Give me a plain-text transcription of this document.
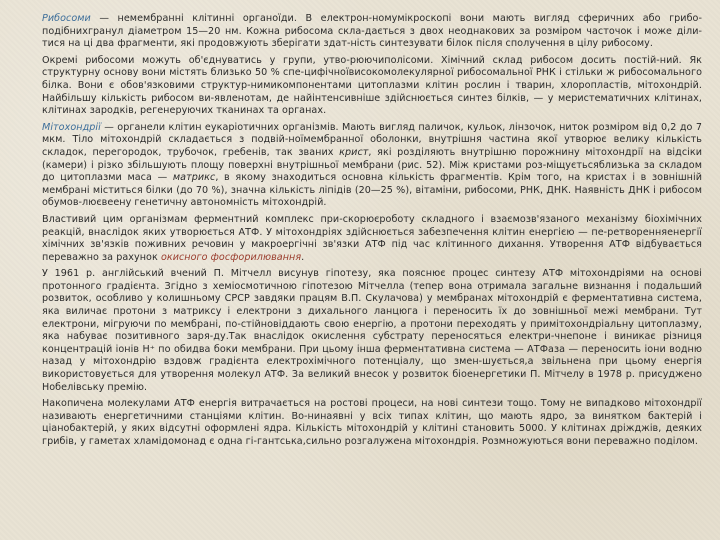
Рибосоми — немембранні клітинні органоїди. В електрон-номумікроскопі вони мають вигляд сферичних або грибо-подібнихгранул діаметром 15—20 нм. Кожна рибосома скла-дається з двох неоднакових за розміром часточок і може діли-тися на ці два фрагменти, які продовжують зберігати здат-ність синтезувати білок після сполучення в цілу рибосому.

Окремі рибосоми можуть об'єднуватись у групи, утво-рюючиполісоми. Хімічний склад рибосом досить постій-ний. Як структурну основу вони містять близько 50 % спе-цифічноївисокомолекулярної рибосомальної РНК і стільки ж рибосомального білка. Вони є обов'язковими структур-нимикомпонентами цитоплазми клітин рослин і тварин, хлоропластів, мітохондрій. Найбільшу кількість рибосом ви-явленотам, де найінтенсивніше здійснюється синтез білків, — у меристематичних клітинах, клітинах зародків, регенеруючих тканинах та органах.

Мітохондрії — органели клітин еукаріотичних організмів. Мають вигляд паличок, кульок, лінзочок, ниток розміром від 0,2 до 7 мкм. Тіло мітохондрій складається з подвій-ноїмембранної оболонки, внутрішня частина якої утворює велику кількість складок, перегородок, трубочок, гребенів, так званих крист, які розділяють внутрішню порожнину мітохондрії на відсіки (камери) і різко збільшують площу поверхні внутрішньої мембрани (рис. 52). Між кристами роз-міщуєтьсяблизька за складом до цитоплазми маса — матрикс, в якому знаходиться основна кількість фрагментів. Крім того, на кристах і в зовнішній мембрані міститься білки (до 70 %), значна кількість ліпідів (20—25 %), вітаміни, рибосоми, РНК, ДНК. Наявність ДНК і рибосом обумов-люєвеену генетичну автономність мітохондрій.

Властивий цим організмам ферментний комплекс при-скорюєроботу складного і взаємозв'язаного механізму біохімічних реакцій, внаслідок яких утворюється АТФ. У мітохондріях здійснюється забезпечення клітин енергією — пе-ретворенняенергії хімічних зв'язків поживних речовин у макроергічні зв'язки АТФ під час клітинного дихання. Утворення АТФ відбувається переважно за рахунок окисного фосфорилювання.

У 1961 р. англійський вчений П. Мітчелл висунув гіпотезу, яка пояснює процес синтезу АТФ мітохондріями на основі протонного градієнта. Згідно з хеміосмотичною гіпотезою Мітчелла (тепер вона отримала загальне визнання і подальший розвиток, особливо у колишньому СРСР завдяки працям В.П. Скулачова) у мембранах мітохондрій є ферментативна система, яка виличає протони з матриксу і електрони з дихального ланцюга і переносить їх до зовнішньої межі мембрани. Тут електрони, мігруючи по мембрані, по-стійновіддають свою енергію, а протони переходять у примітохондріальну цитоплазму, яка набуває позитивного заря-ду.Так внаслідок окислення субстрату переносяться електри-чнепоне і виникає різниця концентрацій іонів Н⁺ по обидва боки мембрани. При цьому інша ферментативна система — АТФаза — переносить іони водню назад у мітохондрію вздовж градієнта електрохімічного потенціалу, що змен-шується,а звільнена при цьому енергія використовується для утворення молекул АТФ. За великий внесок у розвиток біоенергетики П. Мітчелу в 1978 р. присуджено Нобелівську премію.

Накопичена молекулами АТФ енергія витрачається на ростові процеси, на нові синтези тощо. Тому не випадково мітохондрії називають енергетичними станціями клітин. Во-нинаявні у всіх типах клітин, що мають ядро, за винятком бактерій і ціанобактерій, у яких відсутні оформлені ядра. Кількість мітохондрій у клітині становить 5000. У клітинах дріжджів, деяких грибів, у гаметах хламідомонад є одна гі-гантська,сильно розгалужена мітохондрія. Розмножуються вони переважно поділом.
